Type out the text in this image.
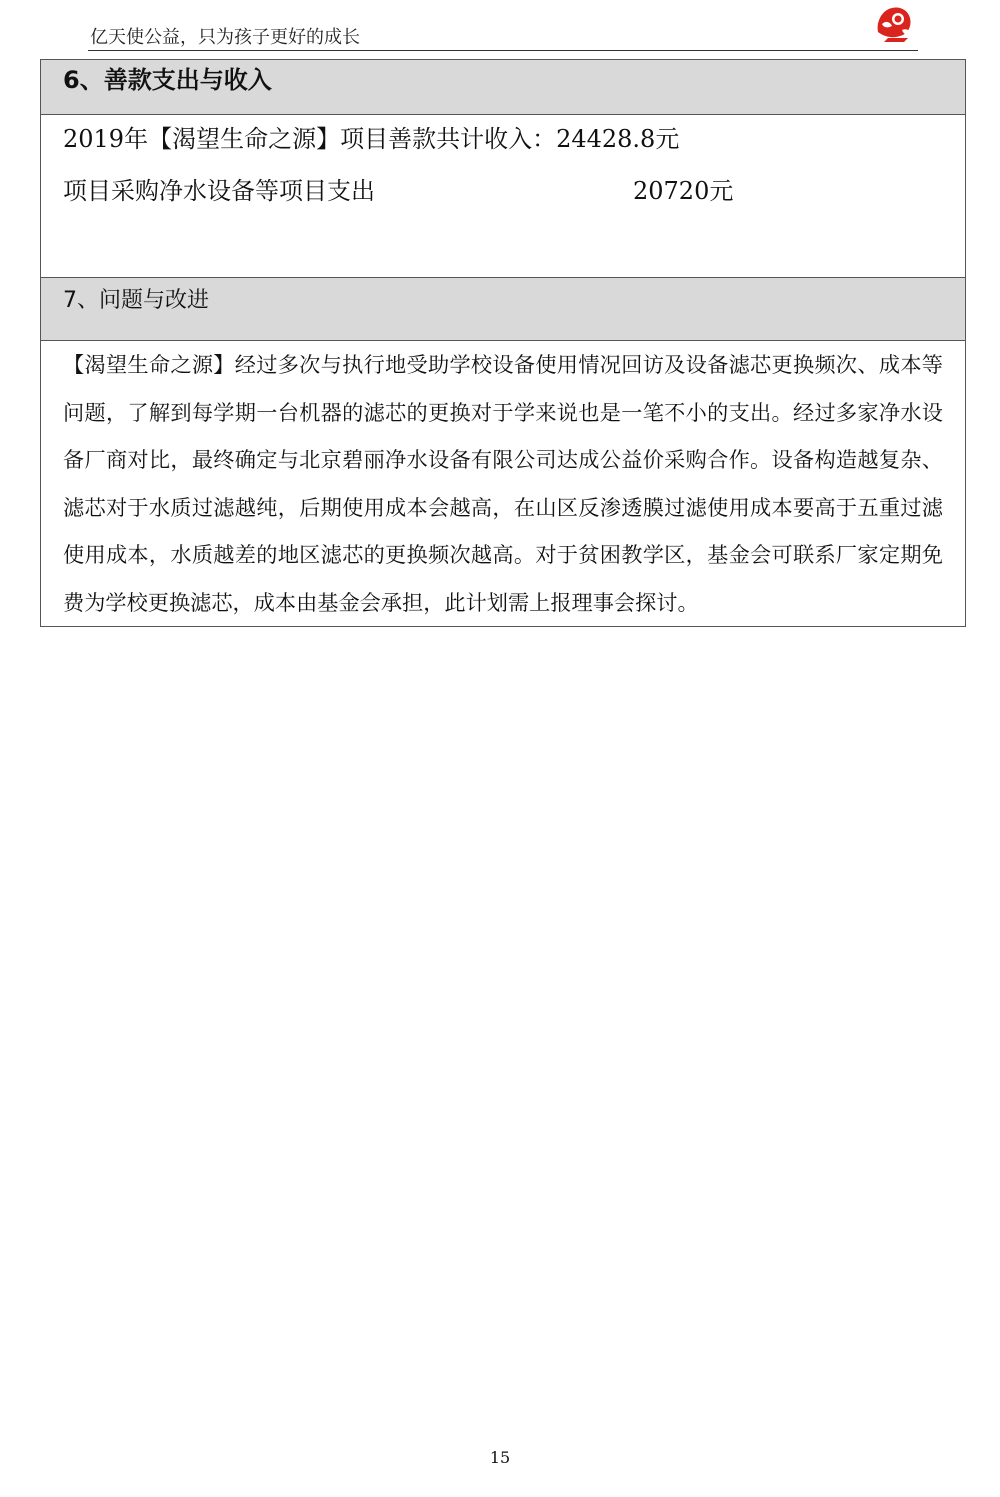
亿天使公益，只为孩子更好的成长
6、善款支出与收入

2019年【渴望生命之源】项目善款共计收入：24428.8元
项目采购净水设备等项目支出	20720元

7、问题与改进
【渴望生命之源】经过多次与执行地受助学校设备使用情况回访及设备滤芯更换频次、成本等问题，了解到每学期一台机器的滤芯的更换对于学来说也是一笔不小的支出。经过多家净水设备厂商对比，最终确定与北京碧丽净水设备有限公司达成公益价采购合作。设备构造越复杂、滤芯对于水质过滤越纯，后期使用成本会越高，在山区反渗透膜过滤使用成本要高于五重过滤使用成本，水质越差的地区滤芯的更换频次越高。对于贫困教学区，基金会可联系厂家定期免费为学校更换滤芯，成本由基金会承担，此计划需上报理事会探讨。
15
